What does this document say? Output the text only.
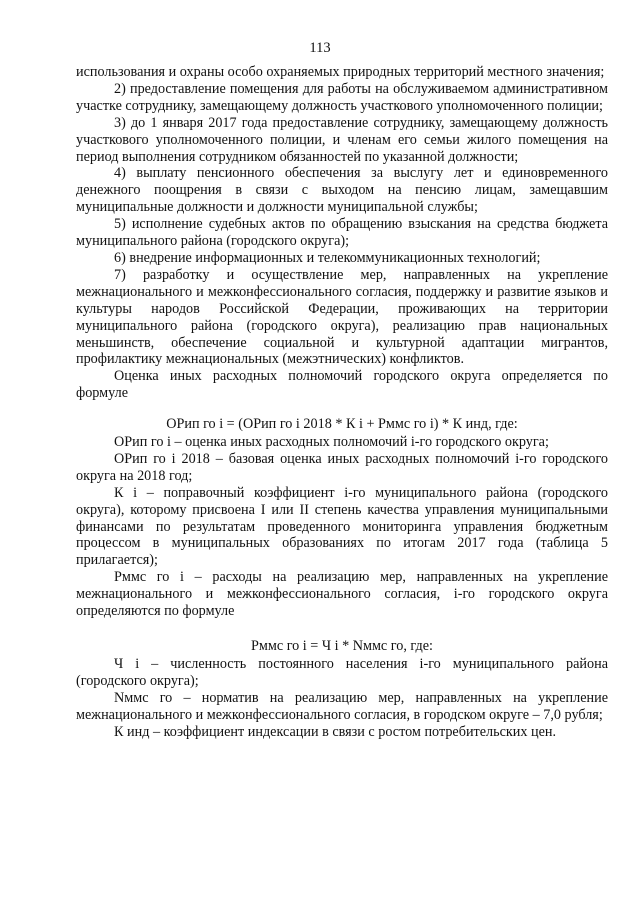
113

использования и охраны особо охраняемых природных территорий местного значения;

2) предоставление помещения для работы на обслуживаемом административном участке сотруднику, замещающему должность участкового уполномоченного полиции;

3) до 1 января 2017 года предоставление сотруднику, замещающему должность участкового уполномоченного полиции, и членам его семьи жилого помещения на период выполнения сотрудником обязанностей по указанной должности;

4) выплату пенсионного обеспечения за выслугу лет и единовременного денежного поощрения в связи с выходом на пенсию лицам, замещавшим муниципальные должности и должности муниципальной службы;

5) исполнение судебных актов по обращению взыскания на средства бюджета муниципального района (городского округа);

6) внедрение информационных и телекоммуникационных технологий;

7) разработку и осуществление мер, направленных на укрепление межнационального и межконфессионального согласия, поддержку и развитие языков и культуры народов Российской Федерации, проживающих на территории муниципального района (городского округа), реализацию прав национальных меньшинств, обеспечение социальной и культурной адаптации мигрантов, профилактику межнациональных (межэтнических) конфликтов.

Оценка иных расходных полномочий городского округа определяется по формуле

ОРип го i = (ОРип го i 2018 * К i + Рммс го i) * К инд, где:

ОРип го i – оценка иных расходных полномочий i-го городского округа;

ОРип го i 2018 – базовая оценка иных расходных полномочий i-го городского округа на 2018 год;

К i – поправочный коэффициент i-го муниципального района (городского округа), которому присвоена I или II степень качества управления муниципальными финансами по результатам проведенного мониторинга управления бюджетным процессом в муниципальных образованиях по итогам 2017 года (таблица 5 прилагается);

Рммс го i – расходы на реализацию мер, направленных на укрепление межнационального и межконфессионального согласия, i-го городского округа определяются по формуле

Рммс го i = Ч i * Nммс го, где:

Ч i – численность постоянного населения i-го муниципального района (городского округа);

Nммс го – норматив на реализацию мер, направленных на укрепление межнационального и межконфессионального согласия, в городском округе – 7,0 рубля;

К инд – коэффициент индексации в связи с ростом потребительских цен.
